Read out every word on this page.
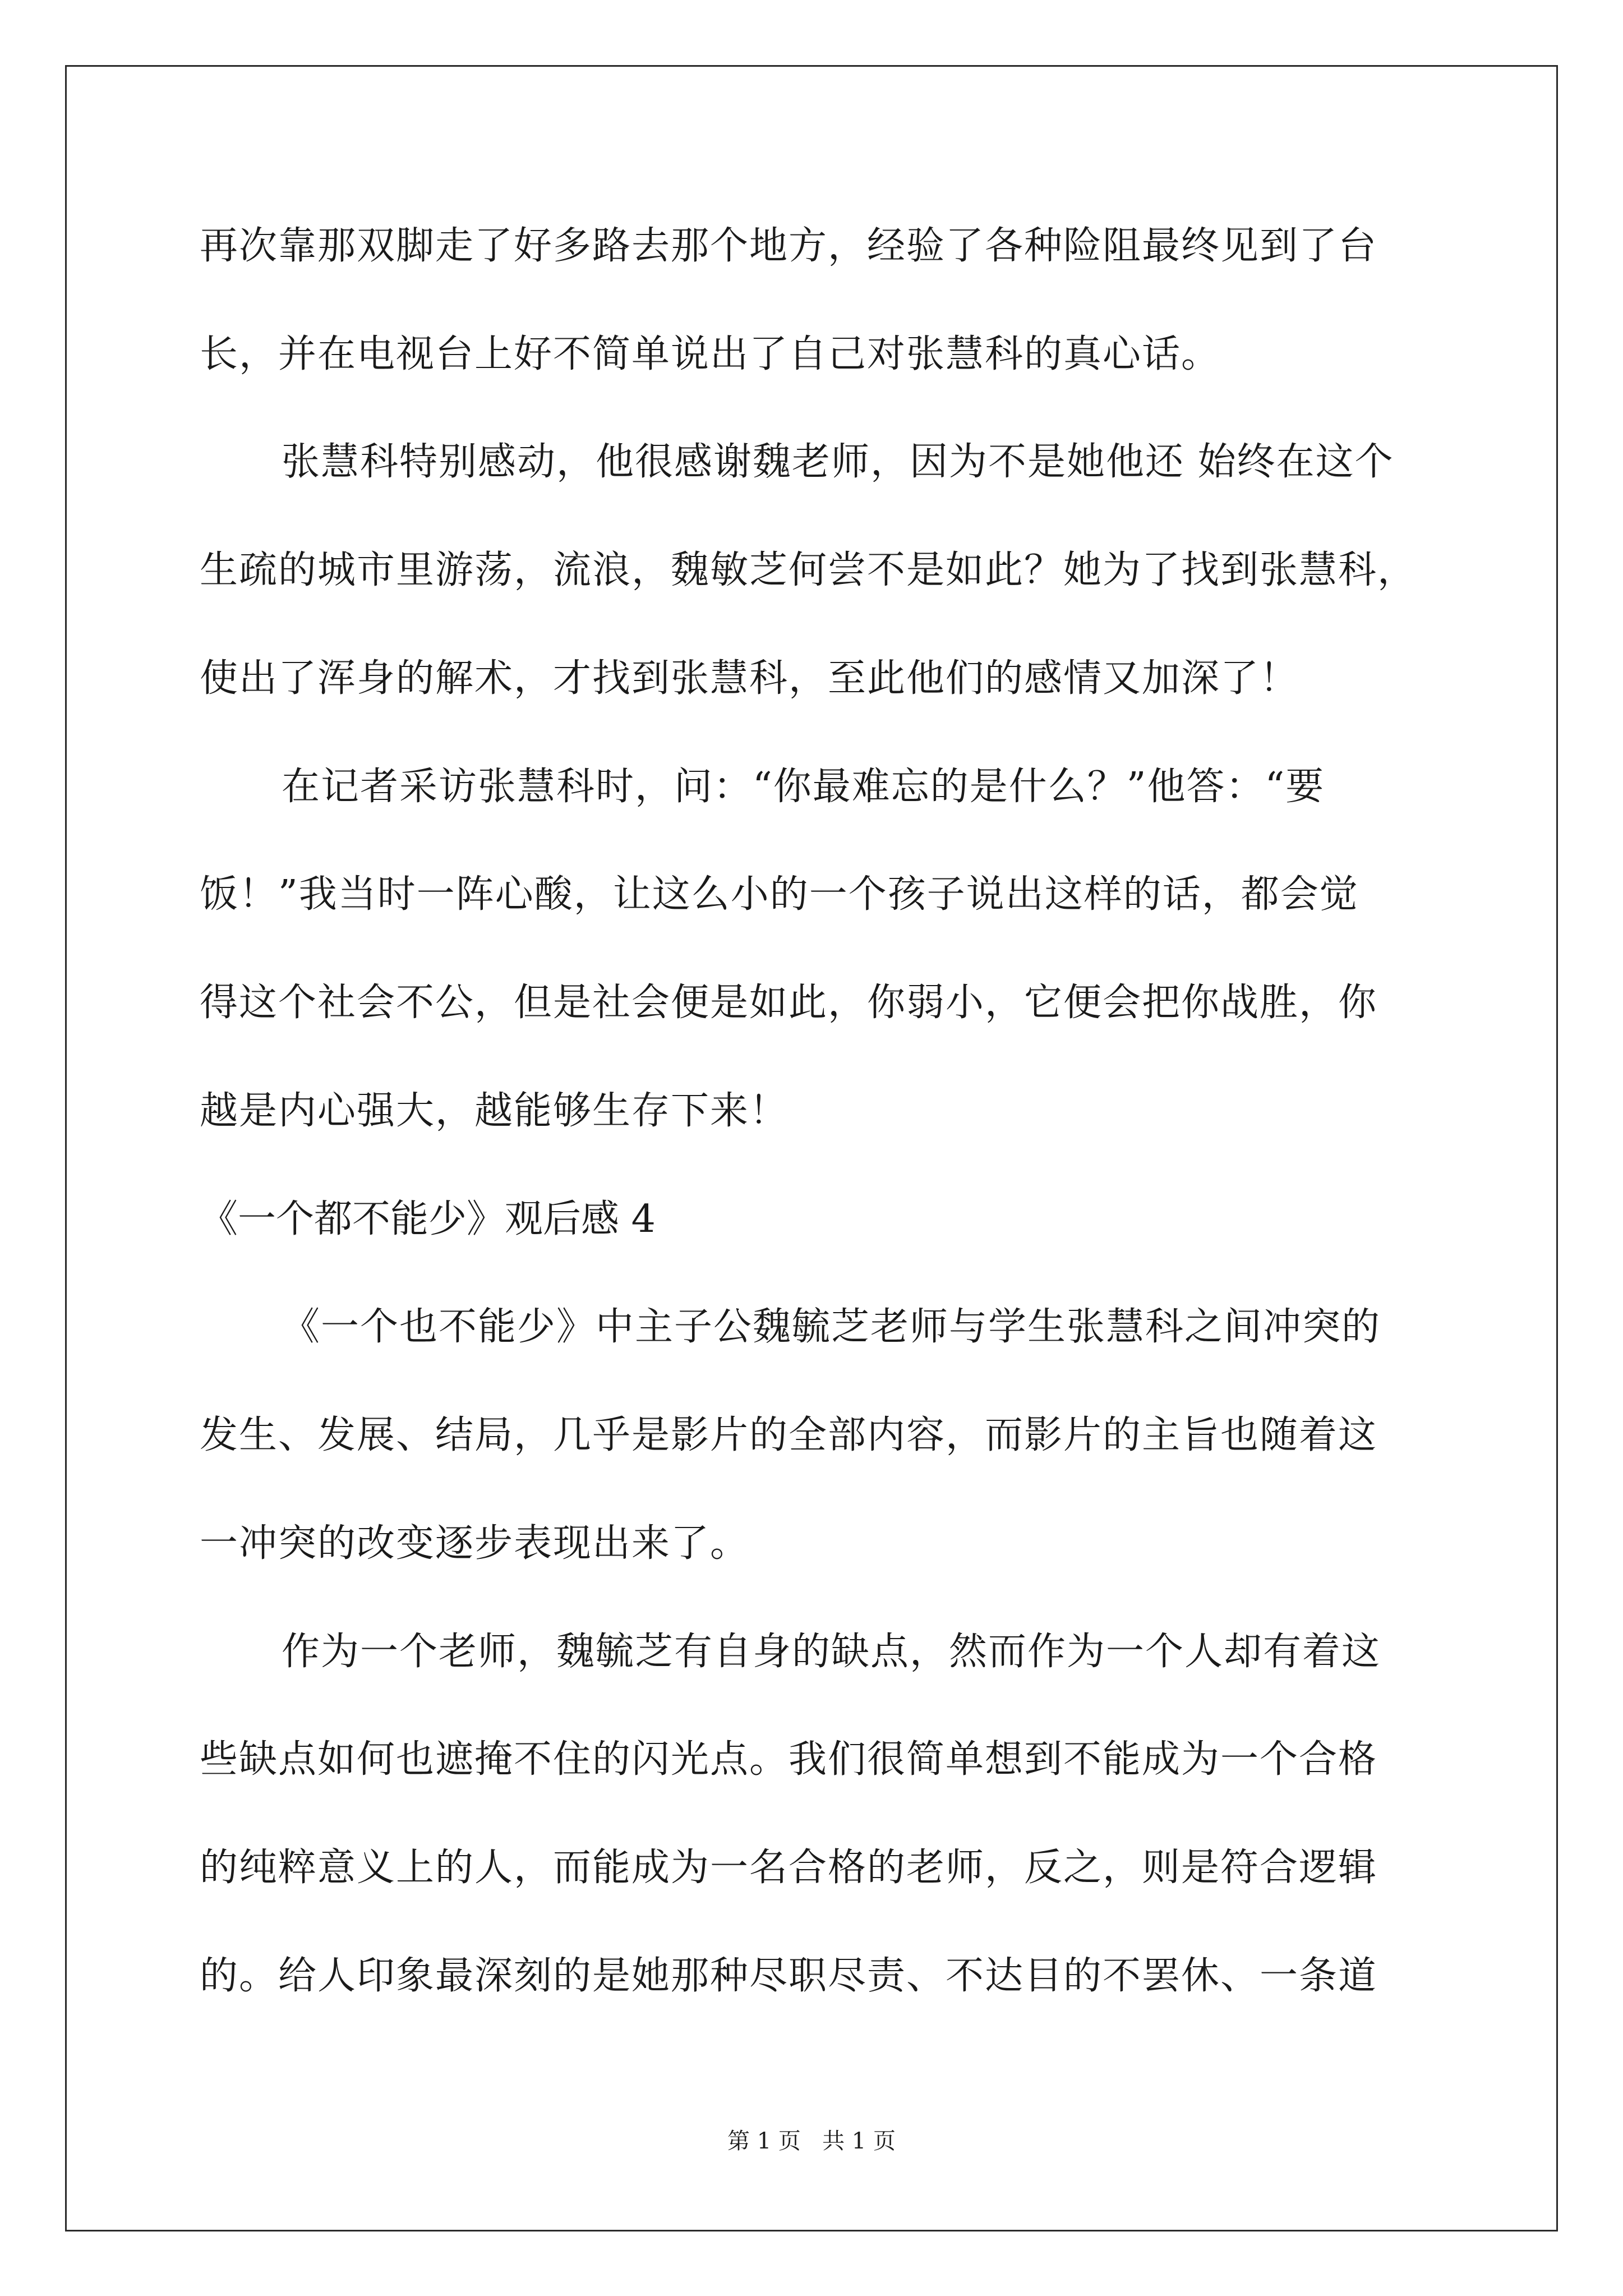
再次靠那双脚走了好多路去那个地方，经验了各种险阻最终见到了台
长，并在电视台上好不简单说出了自己对张慧科的真心话。
张慧科特别感动，他很感谢魏老师，因为不是她他还 始终在这个
生疏的城市里游荡，流浪，魏敏芝何尝不是如此？她为了找到张慧科，
使出了浑身的解术，才找到张慧科，至此他们的感情又加深了！
在记者采访张慧科时，问：“你最难忘的是什么？”他答：“要
饭！”我当时一阵心酸，让这么小的一个孩子说出这样的话，都会觉
得这个社会不公，但是社会便是如此，你弱小，它便会把你战胜，你
越是内心强大，越能够生存下来！
《一个都不能少》观后感 4
《一个也不能少》中主子公魏毓芝老师与学生张慧科之间冲突的
发生、发展、结局，几乎是影片的全部内容，而影片的主旨也随着这
一冲突的改变逐步表现出来了。
作为一个老师，魏毓芝有自身的缺点，然而作为一个人却有着这
些缺点如何也遮掩不住的闪光点。我们很简单想到不能成为一个合格
的纯粹意义上的人，而能成为一名合格的老师，反之，则是符合逻辑
的。给人印象最深刻的是她那种尽职尽责、不达目的不罢休、一条道
第 1 页   共 1 页
